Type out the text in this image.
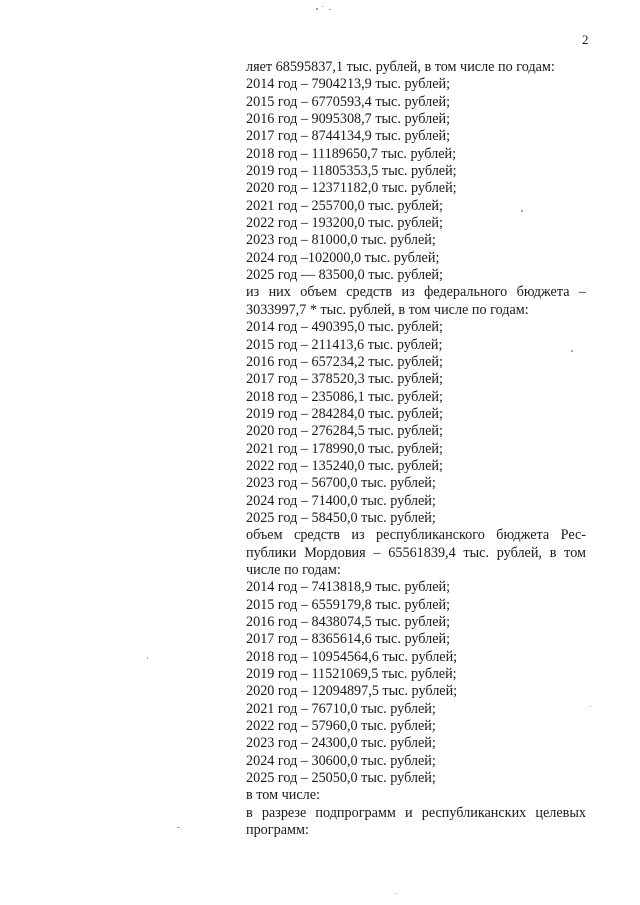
2
ляет 68595837,1 тыс. рублей, в том числе по годам:
2014 год – 7904213,9 тыс. рублей;
2015 год – 6770593,4 тыс. рублей;
2016 год – 9095308,7 тыс. рублей;
2017 год – 8744134,9 тыс. рублей;
2018 год – 11189650,7 тыс. рублей;
2019 год – 11805353,5 тыс. рублей;
2020 год – 12371182,0 тыс. рублей;
2021 год – 255700,0 тыс. рублей;
2022 год – 193200,0 тыс. рублей;
2023 год – 81000,0 тыс. рублей;
2024 год –102000,0 тыс. рублей;
2025 год — 83500,0 тыс. рублей;
из них объем средств из федерального бюджета –
3033997,7 * тыс. рублей, в том числе по годам:
2014 год – 490395,0 тыс. рублей;
2015 год – 211413,6 тыс. рублей;
2016 год – 657234,2 тыс. рублей;
2017 год – 378520,3 тыс. рублей;
2018 год – 235086,1 тыс. рублей;
2019 год – 284284,0 тыс. рублей;
2020 год – 276284,5 тыс. рублей;
2021 год – 178990,0 тыс. рублей;
2022 год – 135240,0 тыс. рублей;
2023 год – 56700,0 тыс. рублей;
2024 год – 71400,0 тыс. рублей;
2025 год – 58450,0 тыс. рублей;
объем средств из республиканского бюджета Рес-
публики Мордовия – 65561839,4 тыс. рублей, в том
числе по годам:
2014 год – 7413818,9 тыс. рублей;
2015 год – 6559179,8 тыс. рублей;
2016 год – 8438074,5 тыс. рублей;
2017 год – 8365614,6 тыс. рублей;
2018 год – 10954564,6 тыс. рублей;
2019 год – 11521069,5 тыс. рублей;
2020 год – 12094897,5 тыс. рублей;
2021 год – 76710,0 тыс. рублей;
2022 год – 57960,0 тыс. рублей;
2023 год – 24300,0 тыс. рублей;
2024 год – 30600,0 тыс. рублей;
2025 год – 25050,0 тыс. рублей;
в том числе:
в разрезе подпрограмм и республиканских целевых
программ:
